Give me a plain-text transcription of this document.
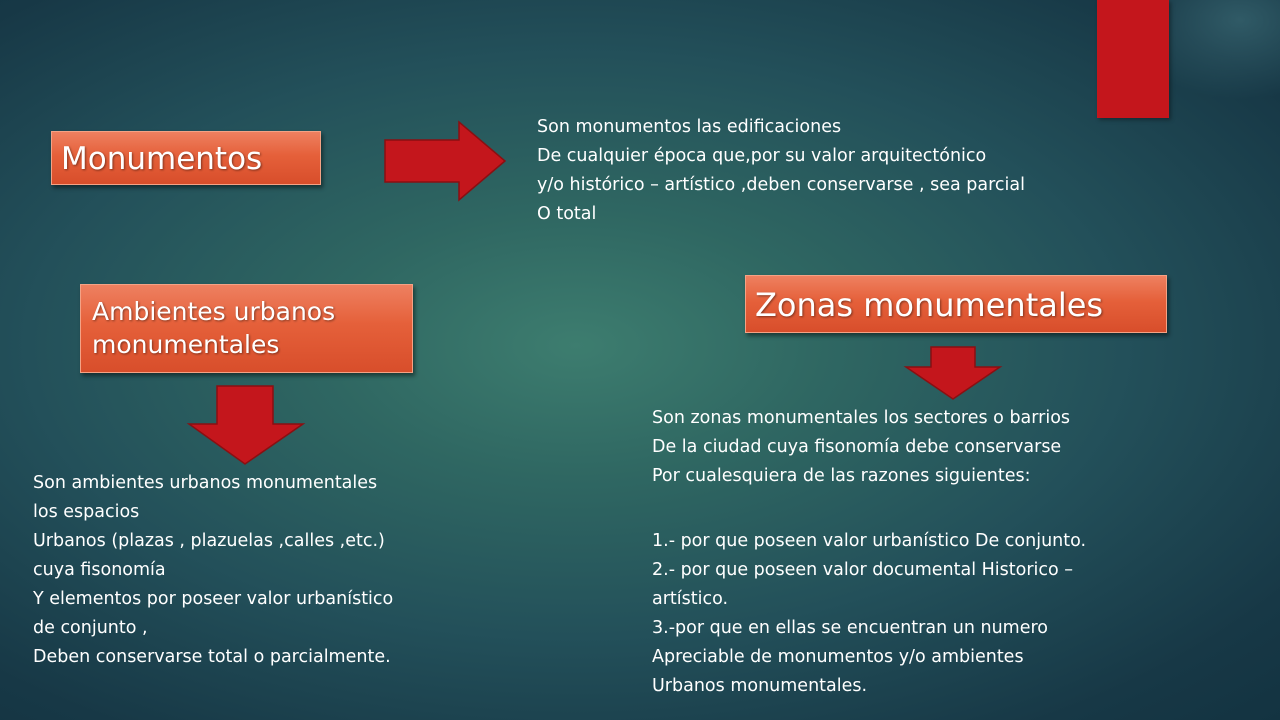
Monumentos
Son monumentos las edificaciones
De cualquier época que,por su valor arquitectónico
y/o histórico – artístico ,deben conservarse , sea parcial
O total
Ambientes urbanos
monumentales
Son ambientes urbanos monumentales
los espacios
Urbanos (plazas , plazuelas ,calles ,etc.)
cuya fisonomía
Y elementos por poseer valor urbanístico
de conjunto ,
Deben conservarse total o parcialmente.
Zonas monumentales
Son zonas monumentales los sectores o barrios
De la ciudad cuya fisonomía debe conservarse
Por cualesquiera de las razones siguientes:
1.- por que poseen valor urbanístico De conjunto.
2.- por que poseen valor documental Historico –
artístico.
3.-por que en ellas se encuentran un numero
Apreciable de monumentos y/o ambientes
Urbanos monumentales.
